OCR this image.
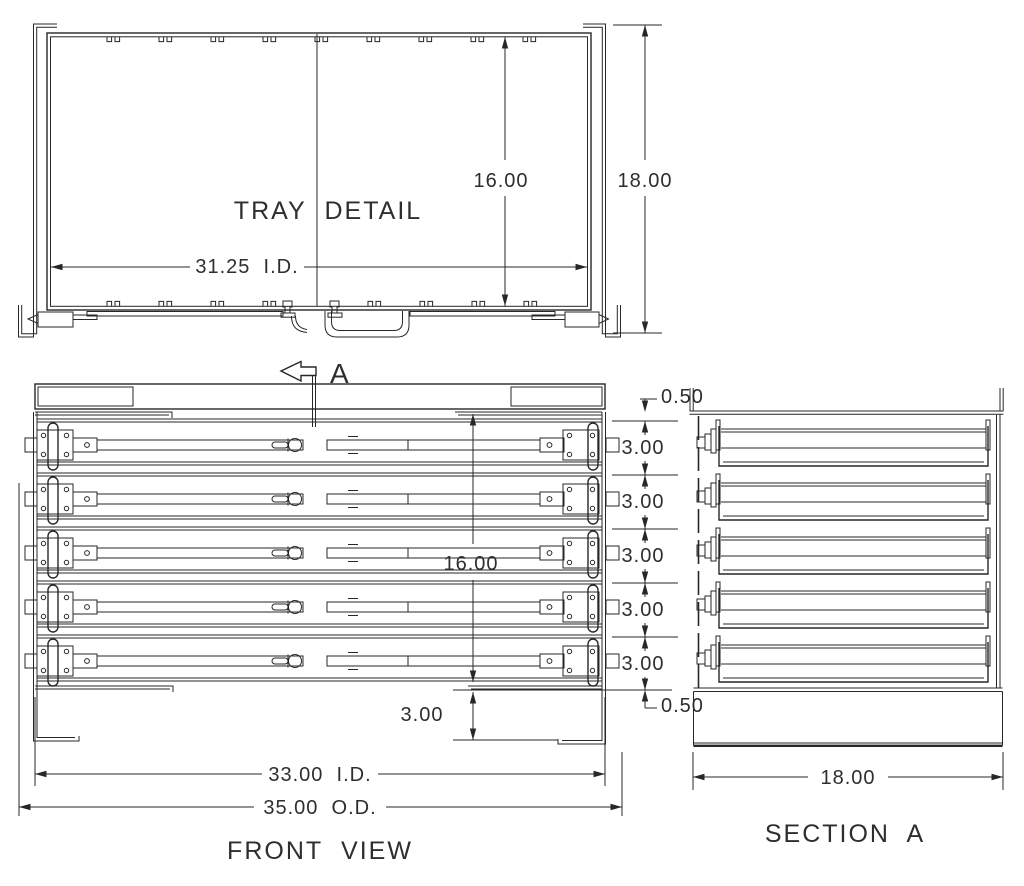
16.00	18.00
31.25  I.D.
TRAY  DETAIL
A
16.00
3.00
0.50
3.00
3.00
3.00
3.00
3.00
0.50
33.00  I.D.
35.00  O.D.
FRONT  VIEW
18.00
SECTION  A
